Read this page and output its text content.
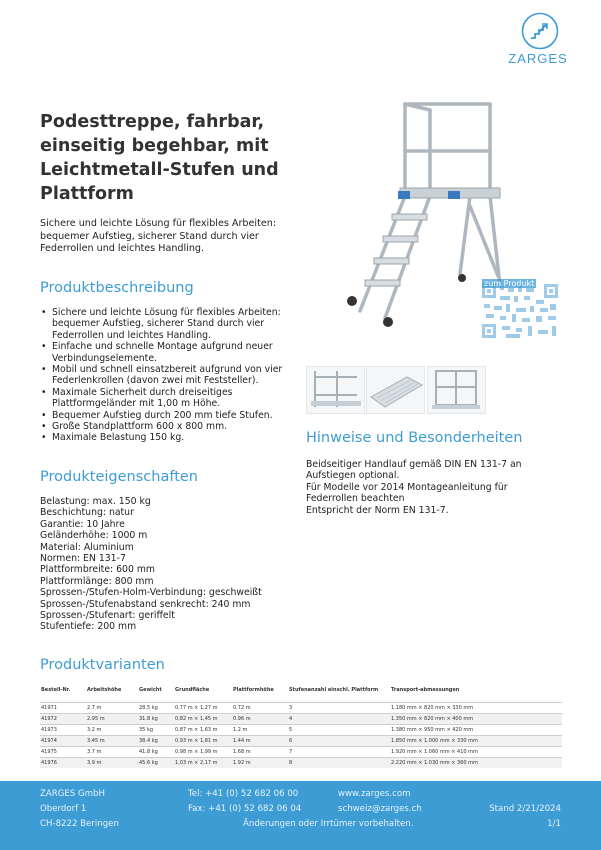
ZARGES
Podesttreppe, fahrbar, einseitig begehbar, mit Leichtmetall-Stufen und Plattform

Sichere und leichte Lösung für flexibles Arbeiten: bequemer Aufstieg, sicherer Stand durch vier Federrollen und leichtes Handling.

zum Produkt
Produktbeschreibung
Produkteigenschaften
Hinweise und Besonderheiten
Produktvarianten
• Sichere und leichte Lösung für flexibles Arbeiten: bequemer Aufstieg, sicherer Stand durch vier Federrollen und leichtes Handling.
• Einfache und schnelle Montage aufgrund neuer Verbindungselemente.
• Mobil und schnell einsatzbereit aufgrund von vier Federlenkrollen (davon zwei mit Feststeller).
• Maximale Sicherheit durch dreiseitiges Plattformgeländer mit 1,00 m Höhe.
• Bequemer Aufstieg durch 200 mm tiefe Stufen.
• Große Standplattform 600 x 800 mm.
• Maximale Belastung 150 kg.
Belastung: max. 150 kg
Beschichtung: natur
Garantie: 10 Jahre
Geländerhöhe: 1000 m
Material: Aluminium
Normen: EN 131-7
Plattformbreite: 600 mm
Plattformlänge: 800 mm
Sprossen-/Stufen-Holm-Verbindung: geschweißt
Sprossen-/Stufenabstand senkrecht: 240 mm
Sprossen-/Stufenart: geriffelt
Stufentiefe: 200 mm
Beidseitiger Handlauf gemäß DIN EN 131-7 an Aufstiegen optional.
Für Modelle vor 2014 Montageanleitung für Federrollen beachten
Entspricht der Norm EN 131-7.
Bestell-Nr.	Arbeitshöhe	Gewicht	Grundfläche	Plattformhöhe	Stufenanzahl einschl. Plattform	Transport-abmessungen
41971	2.7 m	28.5 kg	0,77 m × 1,27 m	0.72 m	3	1.180 mm × 820 mm × 330 mm
41972	2.95 m	31.8 kg	0,82 m × 1,45 m	0.96 m	4	1.350 mm × 820 mm × 400 mm
41973	3.2 m	35 kg	0,87 m × 1,63 m	1.2 m	5	1.380 mm × 950 mm × 420 mm
41974	3.45 m	38.4 kg	0,93 m × 1,81 m	1.44 m	6	1.850 mm × 1.000 mm × 330 mm
41975	3.7 m	41.8 kg	0,98 m × 1,99 m	1.68 m	7	1.920 mm × 1.060 mm × 410 mm
41976	3.9 m	45.6 kg	1,03 m × 2,17 m	1.92 m	8	2.220 mm × 1.030 mm × 360 mm
ZARGES GmbH
Oberdorf 1
CH-8222 Beringen
Tel: +41 (0) 52 682 06 00
Fax: +41 (0) 52 682 06 04
www.zarges.com
schweiz@zarges.ch
Änderungen oder Irrtümer vorbehalten.
Stand 2/21/2024
1/1
